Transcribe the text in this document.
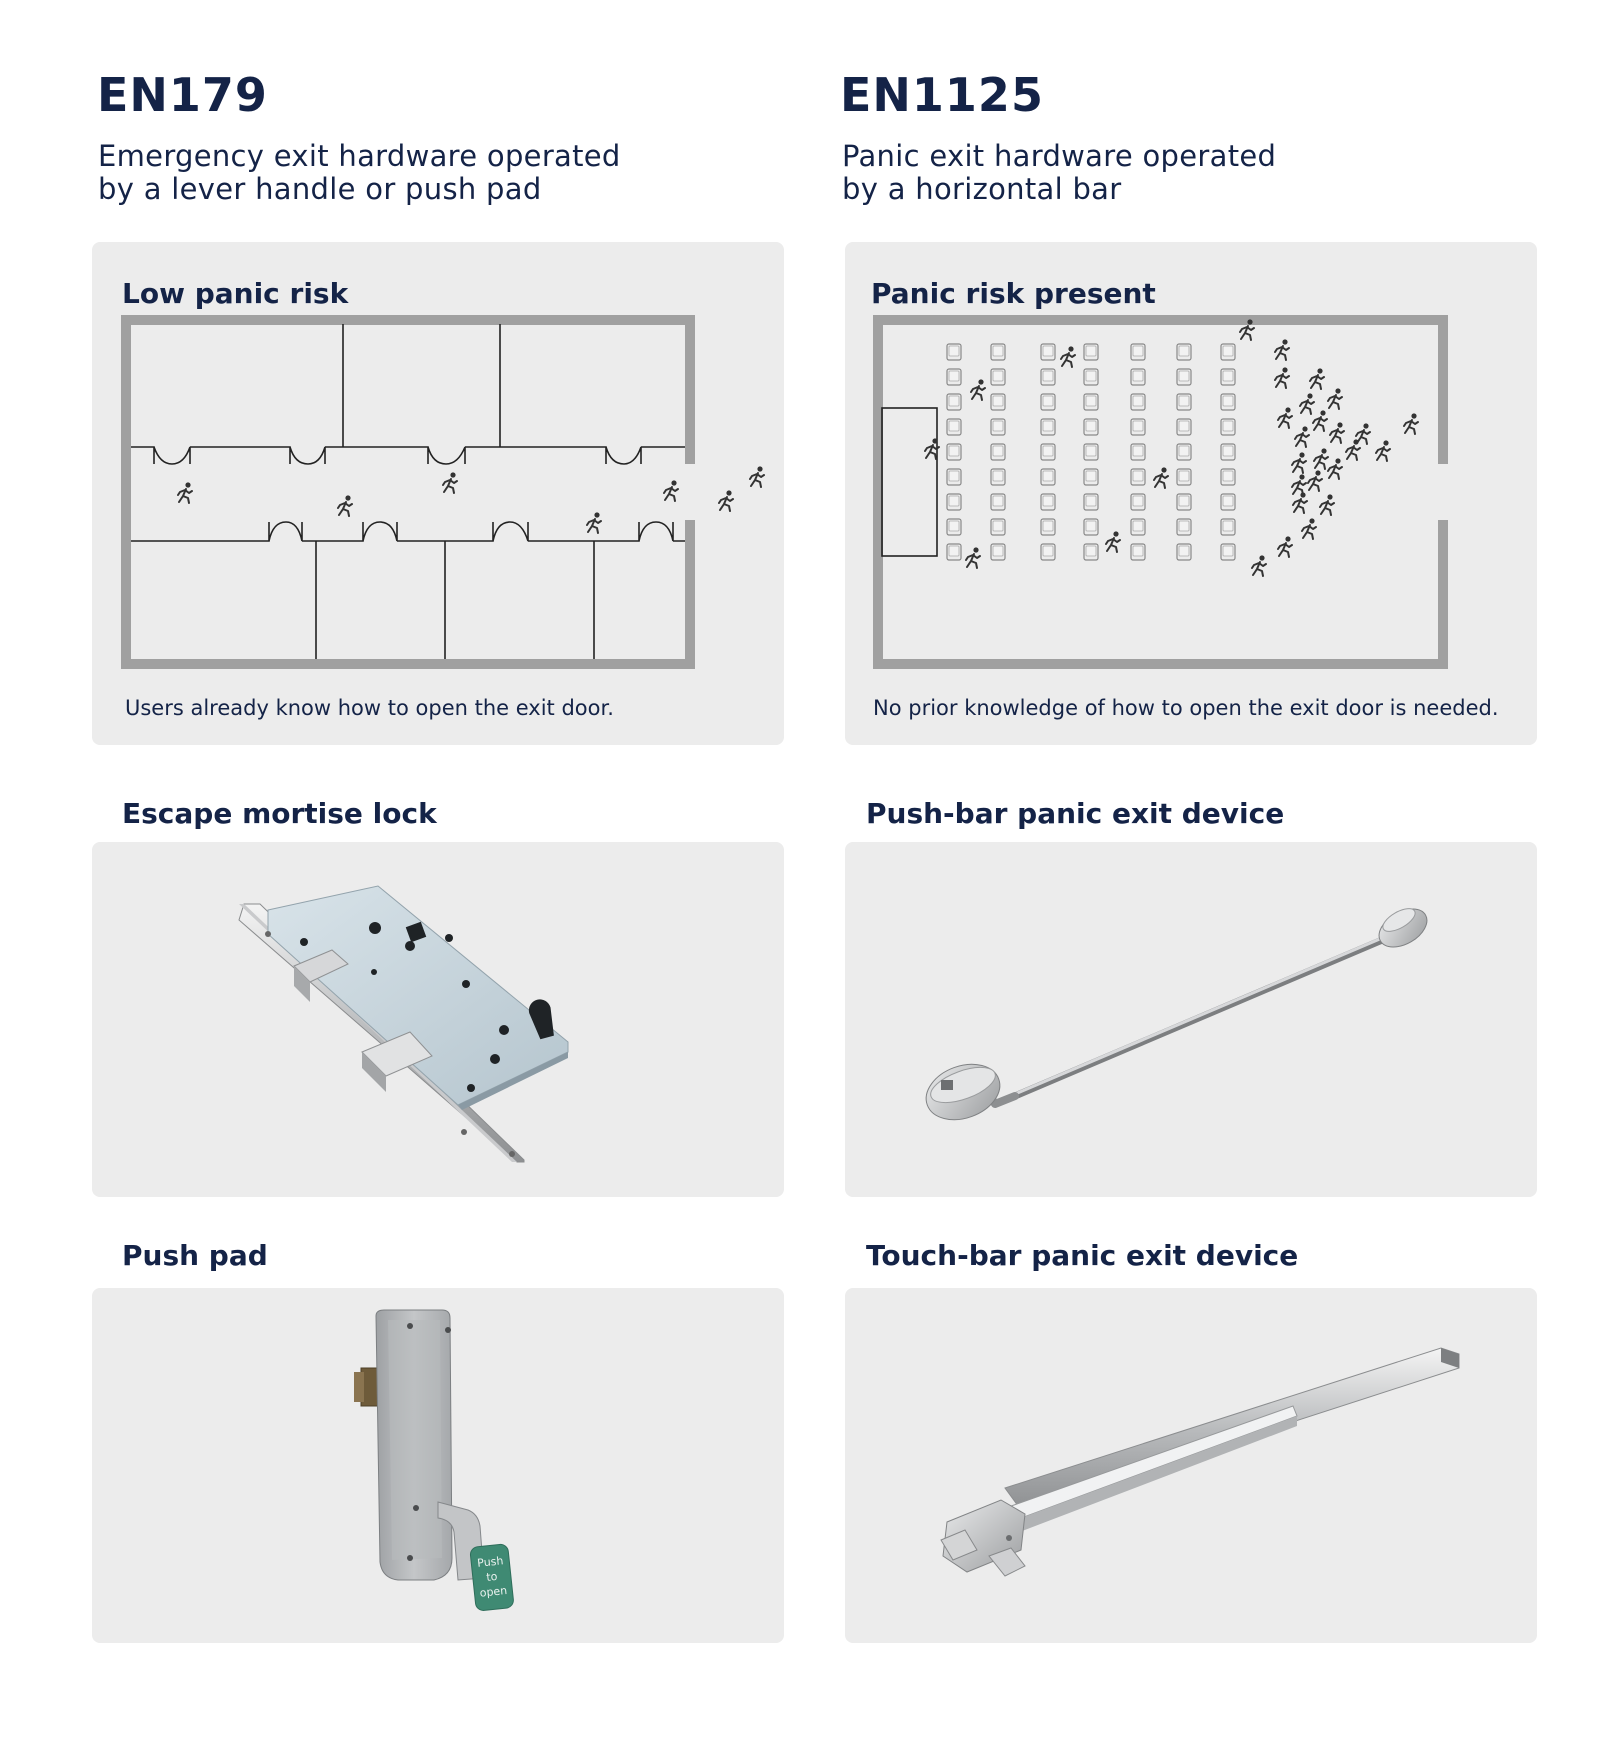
EN179
Emergency exit hardware operated
by a lever handle or push pad
EN1125
Panic exit hardware operated
by a horizontal bar
Low panic risk
Users already know how to open the exit door.
Panic risk present
No prior knowledge of how to open the exit door is needed.
Escape mortise lock	Push-bar panic exit device
Push pad
Push
to
open
Touch-bar panic exit device
